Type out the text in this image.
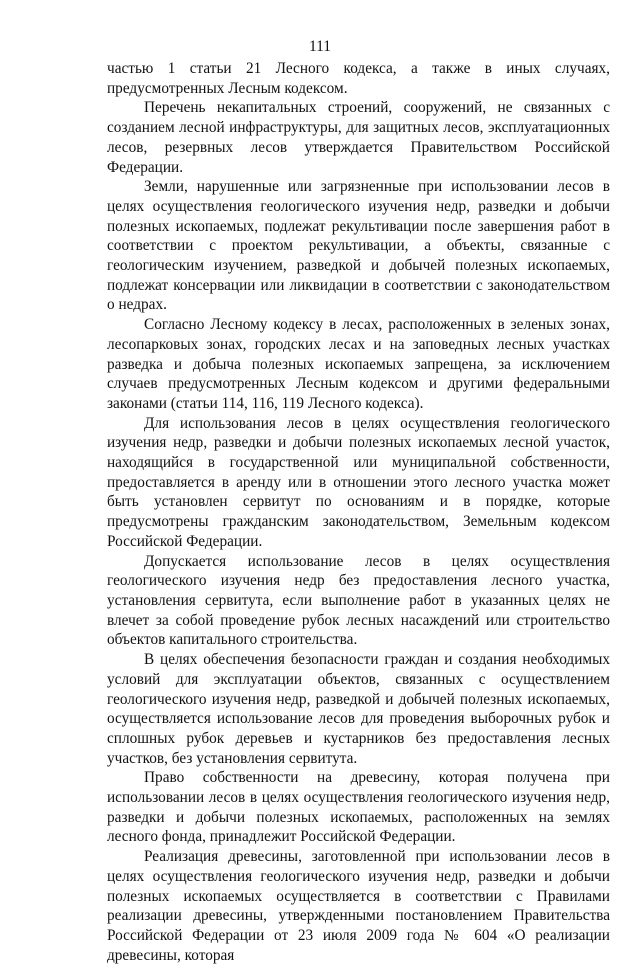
111

частью 1 статьи 21 Лесного кодекса, а также в иных случаях, предусмотренных Лесным кодексом.

Перечень некапитальных строений, сооружений, не связанных с созданием лесной инфраструктуры, для защитных лесов, эксплуатационных лесов, резервных лесов утверждается Правительством Российской Федерации.

Земли, нарушенные или загрязненные при использовании лесов в целях осуществления геологического изучения недр, разведки и добычи полезных ископаемых, подлежат рекультивации после завершения работ в соответствии с проектом рекультивации, а объекты, связанные с геологическим изучением, разведкой и добычей полезных ископаемых, подлежат консервации или ликвидации в соответствии с законодательством о недрах.

Согласно Лесному кодексу в лесах, расположенных в зеленых зонах, лесопарковых зонах, городских лесах и на заповедных лесных участках разведка и добыча полезных ископаемых запрещена, за исключением случаев предусмотренных Лесным кодексом и другими федеральными законами (статьи 114, 116, 119 Лесного кодекса).

Для использования лесов в целях осуществления геологического изучения недр, разведки и добычи полезных ископаемых лесной участок, находящийся в государственной или муниципальной собственности, предоставляется в аренду или в отношении этого лесного участка может быть установлен сервитут по основаниям и в порядке, которые предусмотрены гражданским законодательством, Земельным кодексом Российской Федерации.

Допускается использование лесов в целях осуществления геологического изучения недр без предоставления лесного участка, установления сервитута, если выполнение работ в указанных целях не влечет за собой проведение рубок лесных насаждений или строительство объектов капитального строительства.

В целях обеспечения безопасности граждан и создания необходимых условий для эксплуатации объектов, связанных с осуществлением геологического изучения недр, разведкой и добычей полезных ископаемых, осуществляется использование лесов для проведения выборочных рубок и сплошных рубок деревьев и кустарников без предоставления лесных участков, без установления сервитута.

Право собственности на древесину, которая получена при использовании лесов в целях осуществления геологического изучения недр, разведки и добычи полезных ископаемых, расположенных на землях лесного фонда, принадлежит Российской Федерации.

Реализация древесины, заготовленной при использовании лесов в целях осуществления геологического изучения недр, разведки и добычи полезных ископаемых осуществляется в соответствии с Правилами реализации древесины, утвержденными постановлением Правительства Российской Федерации от 23 июля 2009 года № 604 «О реализации древесины, которая
